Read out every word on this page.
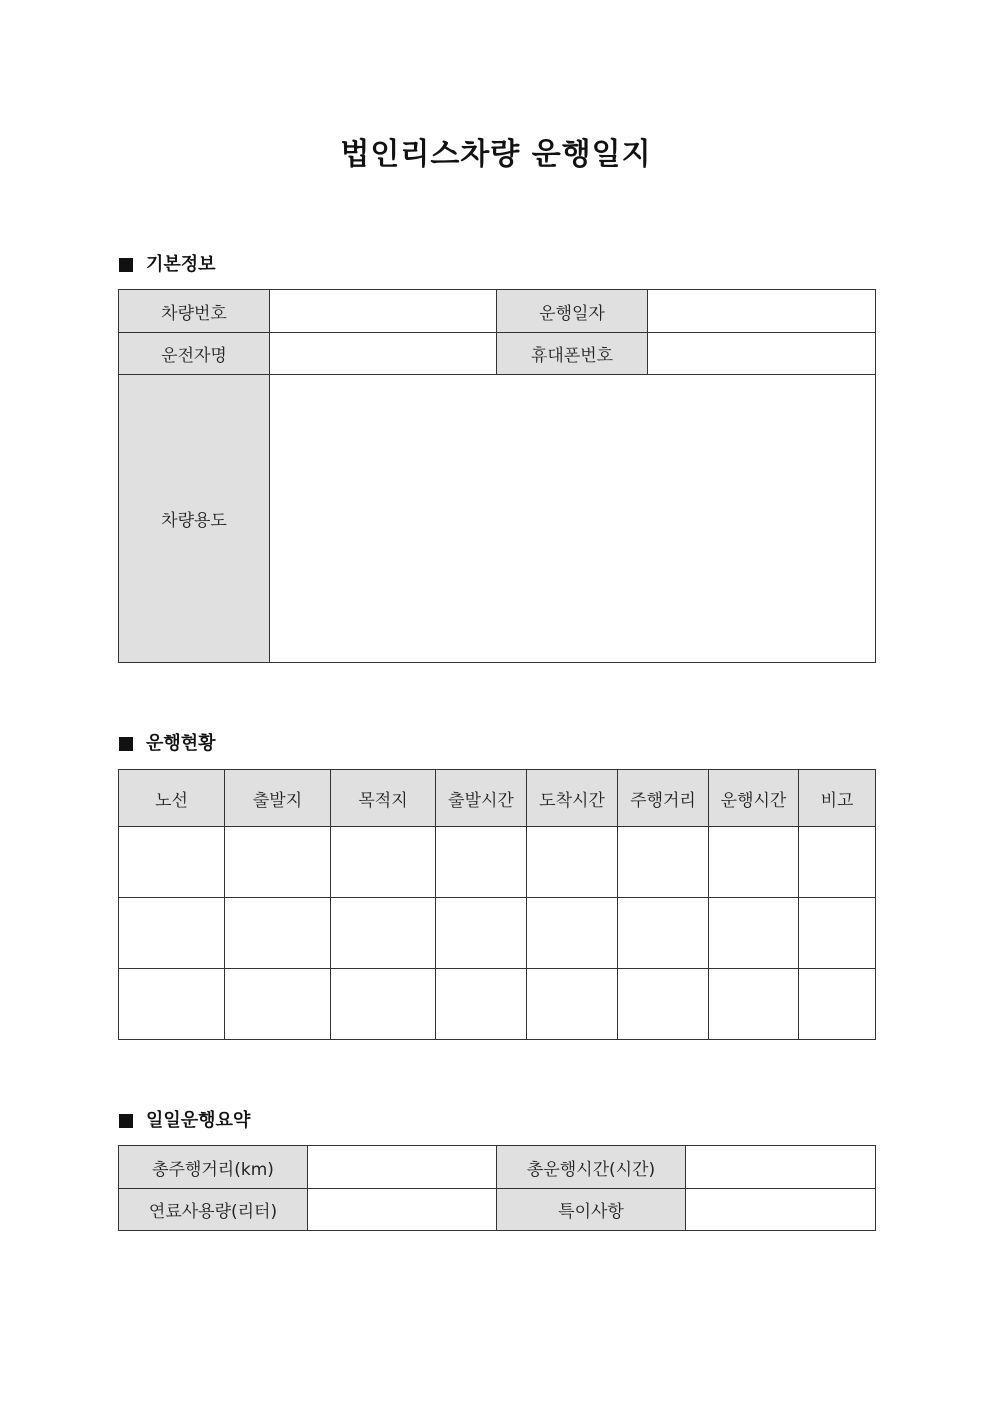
법인리스차량 운행일지
기본정보
차량번호		운행일자	
운전자명		휴대폰번호	
차량용도			
운행현황
노선	출발지	목적지	출발시간	도착시간	주행거리	운행시간	비고

일일운행요약
총주행거리(km)		총운행시간(시간)	
연료사용량(리터)		특이사항	
